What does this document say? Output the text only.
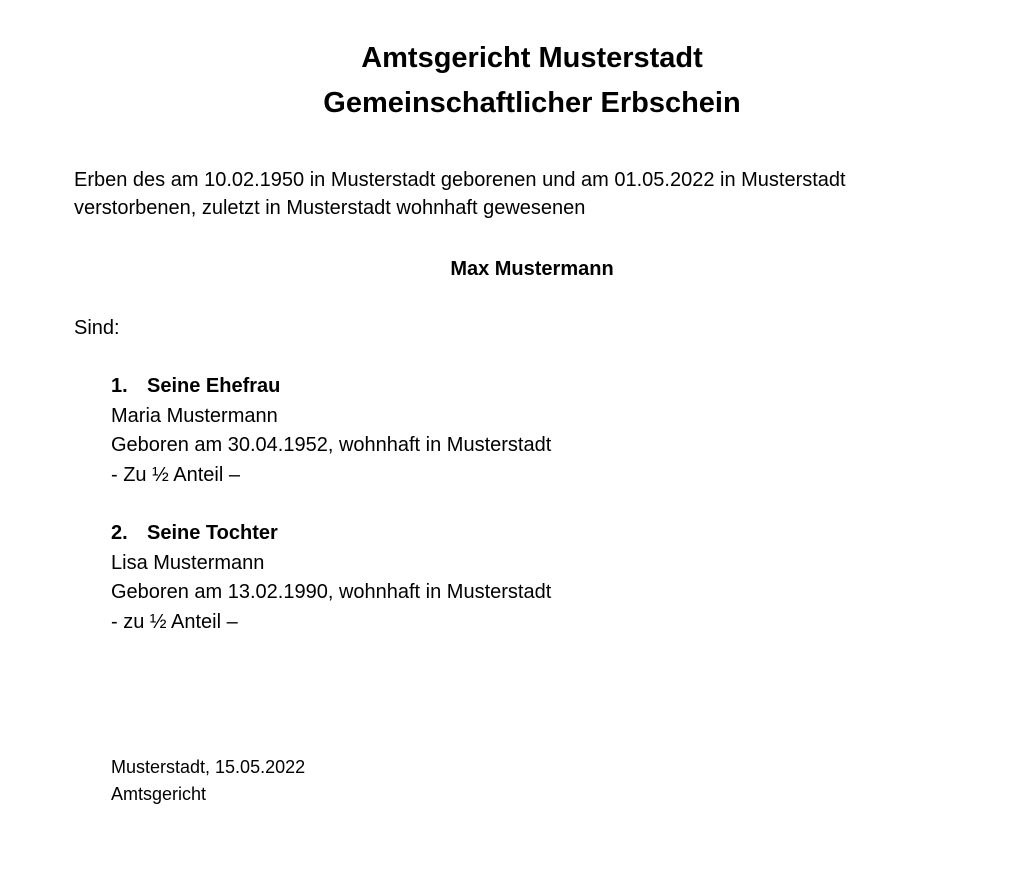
Amtsgericht Musterstadt
Gemeinschaftlicher Erbschein
Erben des am 10.02.1950 in Musterstadt geborenen und am 01.05.2022 in Musterstadt
verstorbenen, zuletzt in Musterstadt wohnhaft gewesenen
Max Mustermann
Sind:
1. Seine Ehefrau
Maria Mustermann
Geboren am 30.04.1952, wohnhaft in Musterstadt
- Zu ½ Anteil –
2. Seine Tochter
Lisa Mustermann
Geboren am 13.02.1990, wohnhaft in Musterstadt
- zu ½ Anteil –
Musterstadt, 15.05.2022
Amtsgericht
